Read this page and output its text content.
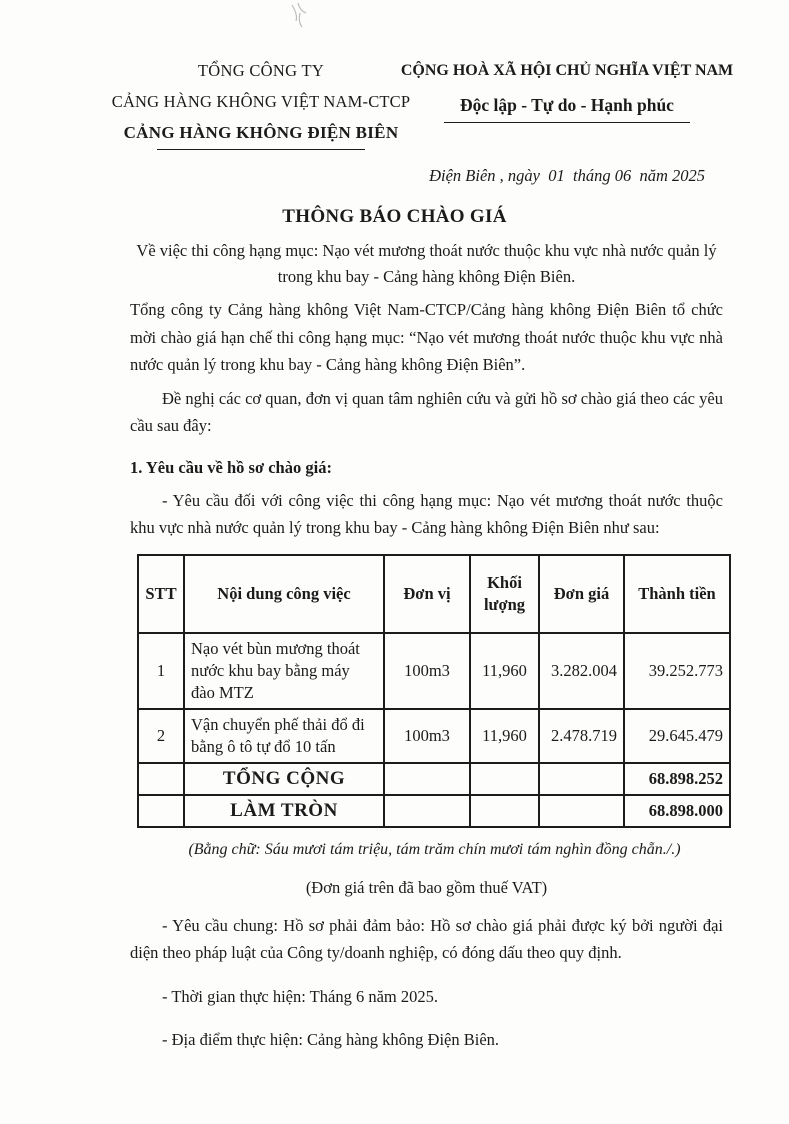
TỔNG CÔNG TY
CẢNG HÀNG KHÔNG VIỆT NAM-CTCP
CẢNG HÀNG KHÔNG ĐIỆN BIÊN
CỘNG HOÀ XÃ HỘI CHỦ NGHĨA VIỆT NAM
Độc lập - Tự do - Hạnh phúc
Điện Biên , ngày  01  tháng 06  năm 2025
THÔNG BÁO CHÀO GIÁ
Về việc thi công hạng mục: Nạo vét mương thoát nước thuộc khu vực nhà nước quản lý trong khu bay - Cảng hàng không Điện Biên.
Tổng công ty Cảng hàng không Việt Nam-CTCP/Cảng hàng không Điện Biên tổ chức mời chào giá hạn chế thi công hạng mục: “Nạo vét mương thoát nước thuộc khu vực nhà nước quản lý trong khu bay - Cảng hàng không Điện Biên”.
Đề nghị các cơ quan, đơn vị quan tâm nghiên cứu và gửi hồ sơ chào giá theo các yêu cầu sau đây:
1. Yêu cầu về hồ sơ chào giá:
- Yêu cầu đối với công việc thi công hạng mục: Nạo vét mương thoát nước thuộc khu vực nhà nước quản lý trong khu bay - Cảng hàng không Điện Biên như sau:
STT	Nội dung công việc	Đơn vị	Khối lượng	Đơn giá	Thành tiền
1	Nạo vét bùn mương thoát nước khu bay bằng máy đào MTZ	100m3	11,960	3.282.004	39.252.773
2	Vận chuyển phế thải đổ đi bằng ô tô tự đổ 10 tấn	100m3	11,960	2.478.719	29.645.479
	TỔNG CỘNG				68.898.252
	LÀM TRÒN				68.898.000
(Bằng chữ: Sáu mươi tám triệu, tám trăm chín mươi tám nghìn đồng chẵn./.)
(Đơn giá trên đã bao gồm thuế VAT)
- Yêu cầu chung: Hồ sơ phải đảm bảo: Hồ sơ chào giá phải được ký bởi người đại diện theo pháp luật của Công ty/doanh nghiệp, có đóng dấu theo quy định.
- Thời gian thực hiện: Tháng 6 năm 2025.
- Địa điểm thực hiện: Cảng hàng không Điện Biên.
